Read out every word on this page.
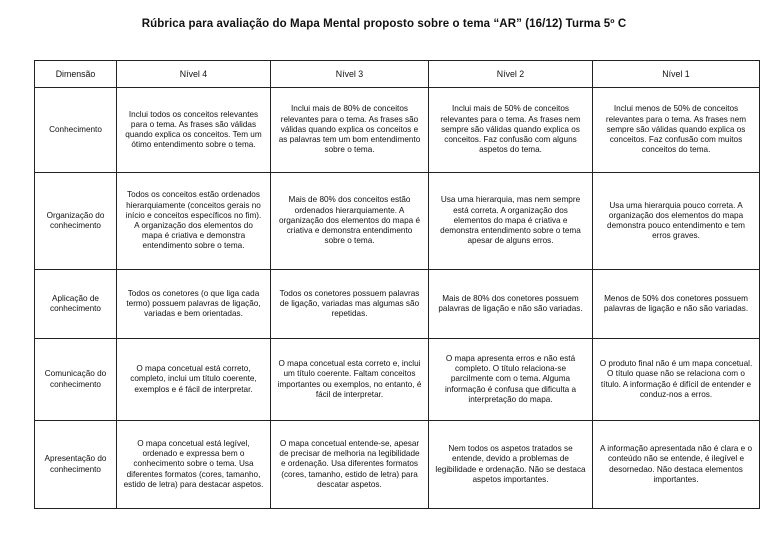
Rúbrica para avaliação do Mapa Mental proposto sobre o tema “AR” (16/12) Turma 5º C
Dimensão	Nível 4	Nível 3	Nível 2	Nível 1
Conhecimento	Inclui todos os conceitos relevantes para o tema. As frases são válidas quando explica os conceitos. Tem um ótimo entendimento sobre o tema.	Inclui mais de 80% de conceitos relevantes para o tema. As frases são válidas quando explica os conceitos e as palavras tem um bom entendimento sobre o tema.	Inclui mais de 50% de conceitos relevantes para o tema. As frases nem sempre são válidas quando explica os conceitos. Faz confusão com alguns aspetos do tema.	Inclui menos de 50% de conceitos relevantes para o tema. As frases nem sempre são válidas quando explica os conceitos. Faz confusão com muitos conceitos do tema.
Organização do conhecimento	Todos os conceitos estão ordenados hierarquiamente (conceitos gerais no início e conceitos específicos no fim). A organização dos elementos do mapa é criativa e demonstra entendimento sobre o tema.	Mais de 80% dos conceitos estão ordenados hierarquiamente. A organização dos elementos do mapa é criativa e demonstra entendimento sobre o tema.	Usa uma hierarquia, mas nem sempre está correta. A organização dos elementos do mapa é criativa e demonstra entendimento sobre o tema apesar de alguns erros.	Usa uma hierarquia pouco correta. A organização dos elementos do mapa demonstra pouco entendimento e tem erros graves.
Aplicação de conhecimento	Todos os conetores (o que liga cada termo) possuem palavras de ligação, variadas e bem orientadas.	Todos os conetores possuem palavras de ligação, variadas mas algumas são repetidas.	Mais de 80% dos conetores possuem palavras de ligação e não são variadas.	Menos de 50% dos conetores possuem palavras de ligação e não são variadas.
Comunicação do conhecimento	O mapa concetual está correto, completo, inclui um título coerente, exemplos e é fácil de interpretar.	O mapa concetual esta correto e, inclui um título coerente. Faltam conceitos importantes ou exemplos, no entanto, é fácil de interpretar.	O mapa apresenta erros e não está completo. O título relaciona-se parcilmente com o tema. Alguma informação é confusa que dificulta a interpretação do mapa.	O produto final não é um mapa concetual. O título quase não se relaciona com o título. A informação é difícil de entender e conduz-nos a erros.
Apresentação do conhecimento	O mapa concetual está legível, ordenado e expressa bem o conhecimento sobre o tema. Usa diferentes formatos (cores, tamanho, estido de letra) para destacar aspetos.	O mapa concetual entende-se, apesar de precisar de melhoria na legibilidade e ordenação. Usa diferentes formatos (cores, tamanho, estido de letra) para descatar aspetos.	Nem todos os aspetos tratados se entende, devido a problemas de legibilidade e ordenação. Não se destaca aspetos importantes.	A informação apresentada não é clara e o conteúdo não se entende, é ilegível e desornedao. Não destaca elementos importantes.
